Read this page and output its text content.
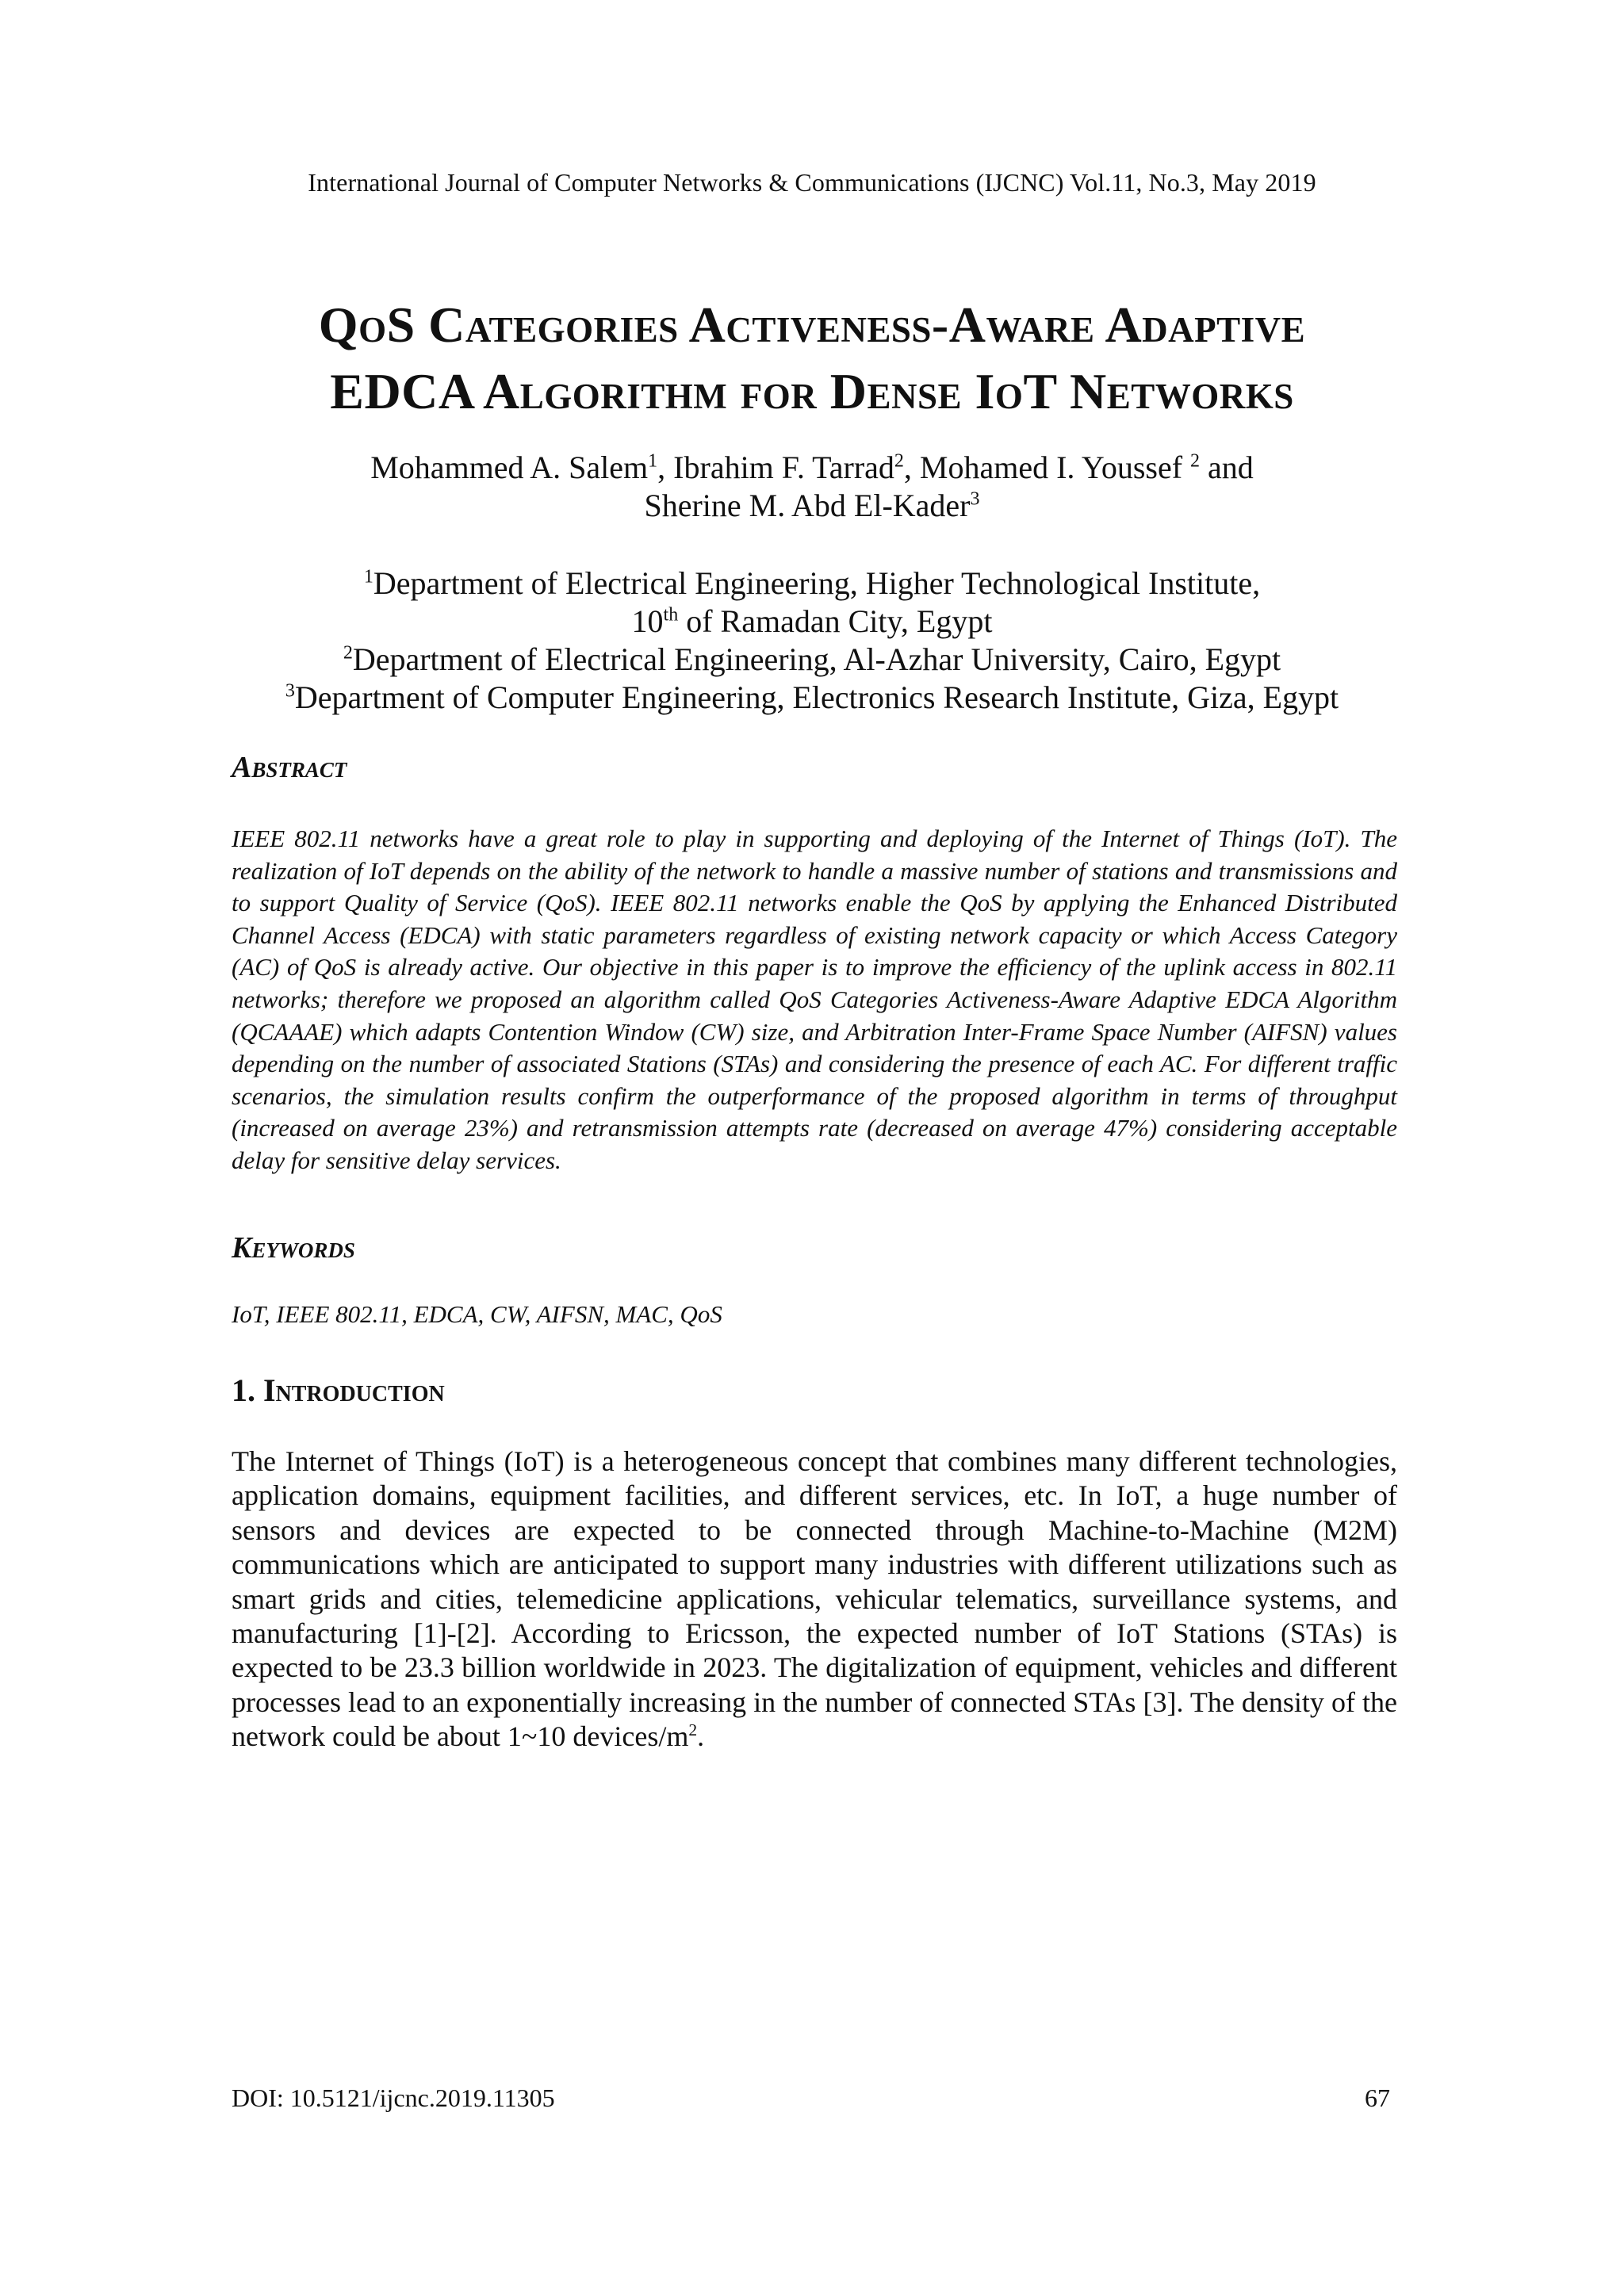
International Journal of Computer Networks & Communications (IJCNC) Vol.11, No.3, May 2019
QoS Categories Activeness-Aware Adaptive
EDCA Algorithm for Dense IoT Networks
Mohammed A. Salem$^1$, Ibrahim F. Tarrad$^2$, Mohamed I. Youssef $^2$ and
Sherine M. Abd El-Kader$^3$
$^1$Department of Electrical Engineering, Higher Technological Institute,
10th of Ramadan City, Egypt
$^2$Department of Electrical Engineering, Al-Azhar University, Cairo, Egypt
$^3$Department of Computer Engineering, Electronics Research Institute, Giza, Egypt
Abstract
IEEE 802.11 networks have a great role to play in supporting and deploying of the Internet of Things (IoT). The realization of IoT depends on the ability of the network to handle a massive number of stations and transmissions and to support Quality of Service (QoS). IEEE 802.11 networks enable the QoS by applying the Enhanced Distributed Channel Access (EDCA) with static parameters regardless of existing network capacity or which Access Category (AC) of QoS is already active. Our objective in this paper is to improve the efficiency of the uplink access in 802.11 networks; therefore we proposed an algorithm called QoS Categories Activeness-Aware Adaptive EDCA Algorithm (QCAAAE) which adapts Contention Window (CW) size, and Arbitration Inter-Frame Space Number (AIFSN) values depending on the number of associated Stations (STAs) and considering the presence of each AC. For different traffic scenarios, the simulation results confirm the outperformance of the proposed algorithm in terms of throughput (increased on average 23%) and retransmission attempts rate (decreased on average 47%) considering acceptable delay for sensitive delay services.
Keywords
IoT, IEEE 802.11, EDCA, CW, AIFSN, MAC, QoS
1. Introduction
The Internet of Things (IoT) is a heterogeneous concept that combines many different technologies, application domains, equipment facilities, and different services, etc. In IoT, a huge number of sensors and devices are expected to be connected through Machine-to-Machine (M2M) communications which are anticipated to support many industries with different utilizations such as smart grids and cities, telemedicine applications, vehicular telematics, surveillance systems, and manufacturing [1]-[2]. According to Ericsson, the expected number of IoT Stations (STAs) is expected to be 23.3 billion worldwide in 2023. The digitalization of equipment, vehicles and different processes lead to an exponentially increasing in the number of connected STAs [3]. The density of the network could be about 1~10 devices/$m^2$.
DOI: 10.5121/ijcnc.2019.11305	67
